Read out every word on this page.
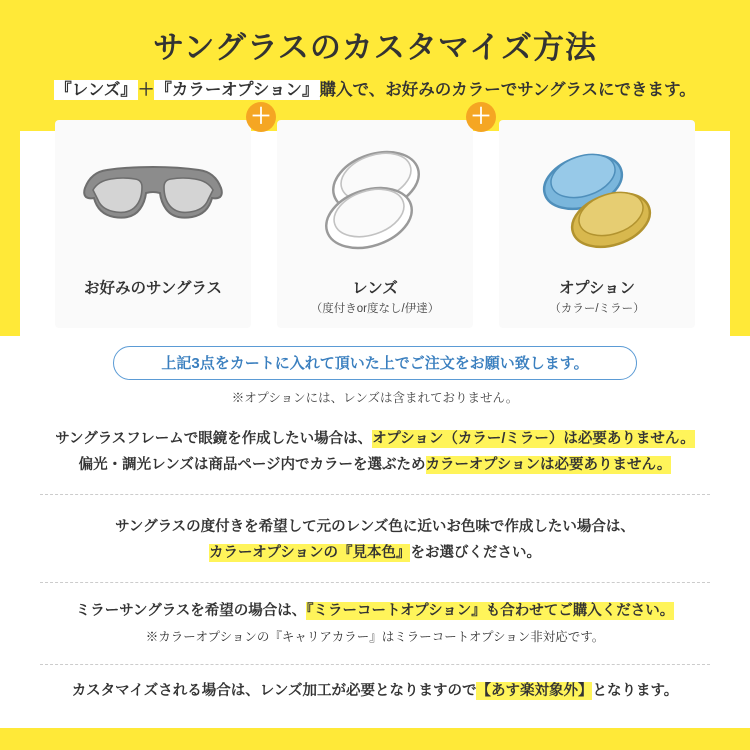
サングラスのカスタマイズ方法
『レンズ』＋『カラーオプション』購入で、お好みのカラーでサングラスにできます。
お好みのサングラス	レンズ
（度付きor度なし/伊達）
オプション
（カラー/ミラー）
＋	＋
上記3点をカートに入れて頂いた上でご注文をお願い致します。
※オプションには、レンズは含まれておりません。
サングラスフレームで眼鏡を作成したい場合は、オプション（カラー/ミラー）は必要ありません。
偏光・調光レンズは商品ページ内でカラーを選ぶためカラーオプションは必要ありません。
サングラスの度付きを希望して元のレンズ色に近いお色味で作成したい場合は、
カラーオプションの『見本色』をお選びください。
ミラーサングラスを希望の場合は、『ミラーコートオプション』も合わせてご購入ください。
※カラーオプションの『キャリアカラー』はミラーコートオプション非対応です。
カスタマイズされる場合は、レンズ加工が必要となりますので【あす楽対象外】となります。
